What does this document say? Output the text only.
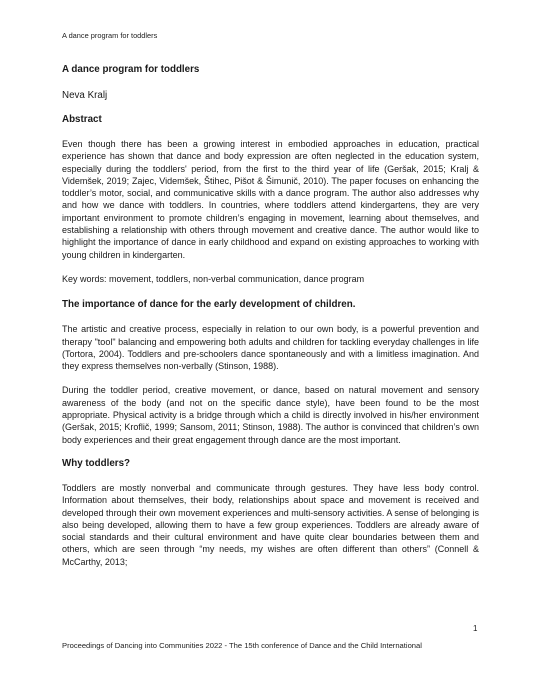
A dance program for toddlers
A dance program for toddlers
Neva Kralj
Abstract

Even though there has been a growing interest in embodied approaches in education, practical experience has shown that dance and body expression are often neglected in the education system, especially during the toddlers' period, from the first to the third year of life (Geršak, 2015; Kralj & Videmšek, 2019; Zajec, Videmšek, Štihec, Pišot & Šimunič, 2010). The paper focuses on enhancing the toddler’s motor, social, and communicative skills with a dance program. The author also addresses why and how we dance with toddlers. In countries, where toddlers attend kindergartens, they are very important environment to promote children’s engaging in movement, learning about themselves, and establishing a relationship with others through movement and creative dance. The author would like to highlight the importance of dance in early childhood and expand on existing approaches to working with young children in kindergarten.

Key words: movement, toddlers, non-verbal communication, dance program

The importance of dance for the early development of children.

The artistic and creative process, especially in relation to our own body, is a powerful prevention and therapy "tool" balancing and empowering both adults and children for tackling everyday challenges in life (Tortora, 2004). Toddlers and pre-schoolers dance spontaneously and with a limitless imagination. And they express themselves non-verbally (Stinson, 1988).

During the toddler period, creative movement, or dance, based on natural movement and sensory awareness of the body (and not on the specific dance style), have been found to be the most appropriate. Physical activity is a bridge through which a child is directly involved in his/her environment (Geršak, 2015; Kroflič, 1999; Sansom, 2011; Stinson, 1988). The author is convinced that children’s own body experiences and their great engagement through dance are the most important.

Why toddlers?

Toddlers are mostly nonverbal and communicate through gestures. They have less body control. Information about themselves, their body, relationships about space and movement is received and developed through their own movement experiences and multi-sensory activities. A sense of belonging is also being developed, allowing them to have a few group experiences. Toddlers are already aware of social standards and their cultural environment and have quite clear boundaries between them and others, which are seen through “my needs, my wishes are often different than others” (Connell & McCarthy, 2013;

1
Proceedings of Dancing into Communities 2022 - The 15th conference of Dance and the Child International
